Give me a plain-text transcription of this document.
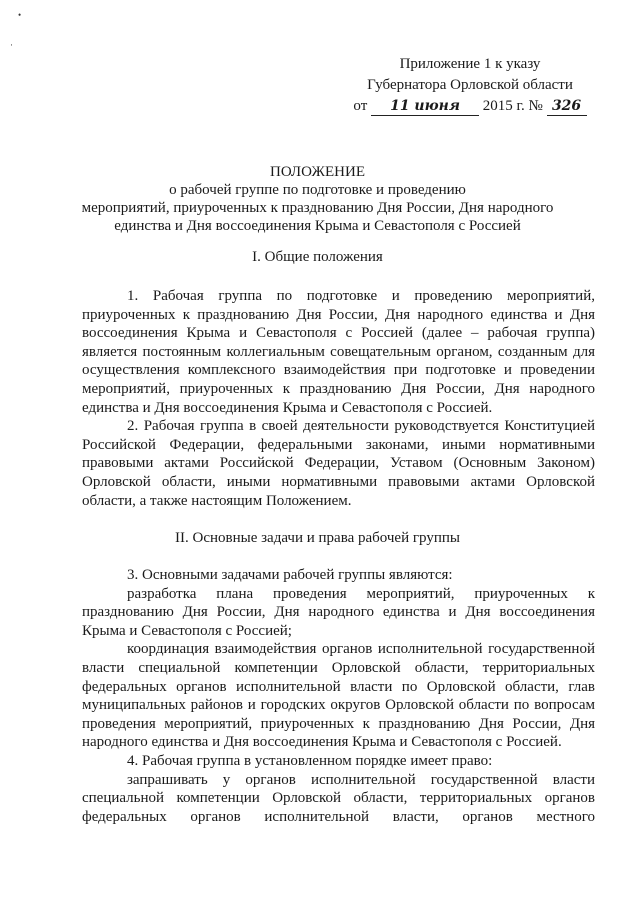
•
·
Приложение 1 к указу
Губернатора Орловской области
от 11 июня 2015 г. № 326
ПОЛОЖЕНИЕ
о рабочей группе по подготовке и проведению
мероприятий, приуроченных к празднованию Дня России, Дня народного
единства и Дня воссоединения Крыма и Севастополя с Россией
I. Общие положения

1. Рабочая группа по подготовке и проведению мероприятий, приуроченных к празднованию Дня России, Дня народного единства и Дня воссоединения Крыма и Севастополя с Россией (далее – рабочая группа) является постоянным коллегиальным совещательным органом, созданным для осуществления комплексного взаимодействия при подготовке и проведении мероприятий, приуроченных к празднованию Дня России, Дня народного единства и Дня воссоединения Крыма и Севастополя с Россией.

2. Рабочая группа в своей деятельности руководствуется Конституцией Российской Федерации, федеральными законами, иными нормативными правовыми актами Российской Федерации, Уставом (Основным Законом) Орловской области, иными нормативными правовыми актами Орловской области, а также настоящим Положением.

II. Основные задачи и права рабочей группы

3. Основными задачами рабочей группы являются:

разработка плана проведения мероприятий, приуроченных к празднованию Дня России, Дня народного единства и Дня воссоединения Крыма и Севастополя с Россией;

координация взаимодействия органов исполнительной государственной власти специальной компетенции Орловской области, территориальных федеральных органов исполнительной власти по Орловской области, глав муниципальных районов и городских округов Орловской области по вопросам проведения мероприятий, приуроченных к празднованию Дня России, Дня народного единства и Дня воссоединения Крыма и Севастополя с Россией.

4. Рабочая группа в установленном порядке имеет право:

запрашивать у органов исполнительной государственной власти специальной компетенции Орловской области, территориальных органов федеральных органов исполнительной власти, органов местного
